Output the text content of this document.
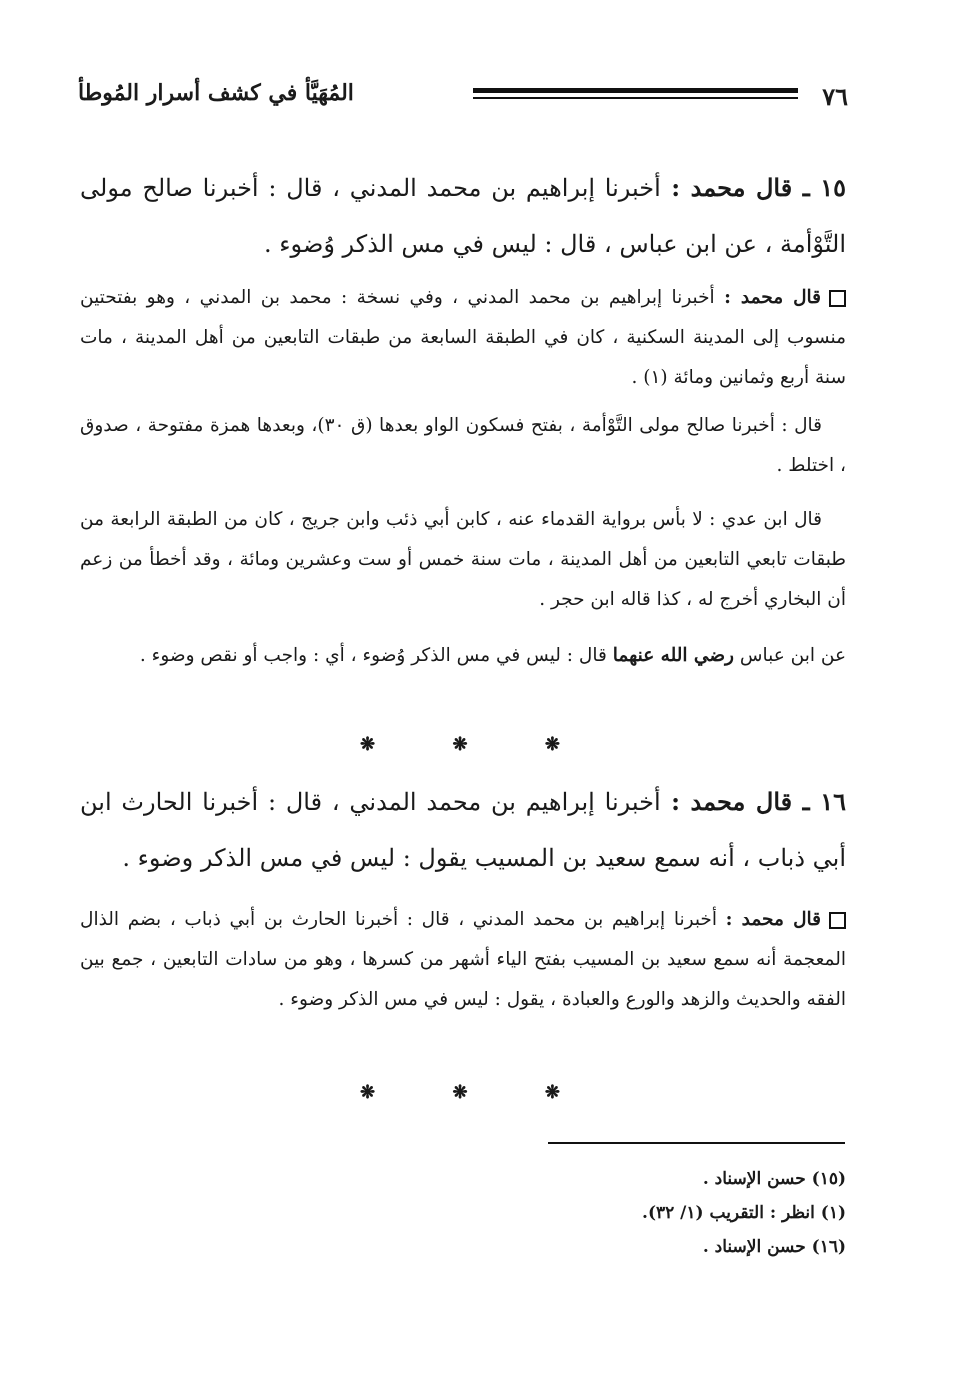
٧٦
المُهَيَّأ في كشف أسرار المُوطأ
١٥ ـ قال محمد : أخبرنا إبراهيم بن محمد المدني ، قال : أخبرنا صالح مولى التَّوْأمة ، عن ابن عباس ، قال : ليس في مس الذكر وُضوء .
قال محمد : أخبرنا إبراهيم بن محمد المدني ، وفي نسخة : محمد بن المدني ، وهو بفتحتين منسوب إلى المدينة السكنية ، كان في الطبقة السابعة من طبقات التابعين من أهل المدينة ، مات سنة أربع وثمانين ومائة (١) .
قال : أخبرنا صالح مولى التَّوْأمة ، بفتح فسكون الواو بعدها (ق ٣٠)، وبعدها همزة مفتوحة ، صدوق ، اختلط .
قال ابن عدي : لا بأس برواية القدماء عنه ، كابن أبي ذئب وابن جريج ، كان من الطبقة الرابعة من طبقات تابعي التابعين من أهل المدينة ، مات سنة خمس أو ست وعشرين ومائة ، وقد أخطأ من زعم أن البخاري أخرج له ، كذا قاله ابن حجر .
عن ابن عباس رضي الله عنهما قال : ليس في مس الذكر وُضوء ، أي : واجب أو نقص وضوء .
❋
❋
❋
١٦ ـ قال محمد : أخبرنا إبراهيم بن محمد المدني ، قال : أخبرنا الحارث ابن أبي ذباب ، أنه سمع سعيد بن المسيب يقول : ليس في مس الذكر وضوء .
قال محمد : أخبرنا إبراهيم بن محمد المدني ، قال : أخبرنا الحارث بن أبي ذباب ، بضم الذال المعجمة أنه سمع سعيد بن المسيب بفتح الياء أشهر من كسرها ، وهو من سادات التابعين ، جمع بين الفقه والحديث والزهد والورع والعبادة ، يقول : ليس في مس الذكر وضوء .
❋
❋
❋
(١٥) حسن الإسناد .
(١) انظر : التقريب (١/ ٣٢).
(١٦) حسن الإسناد .
